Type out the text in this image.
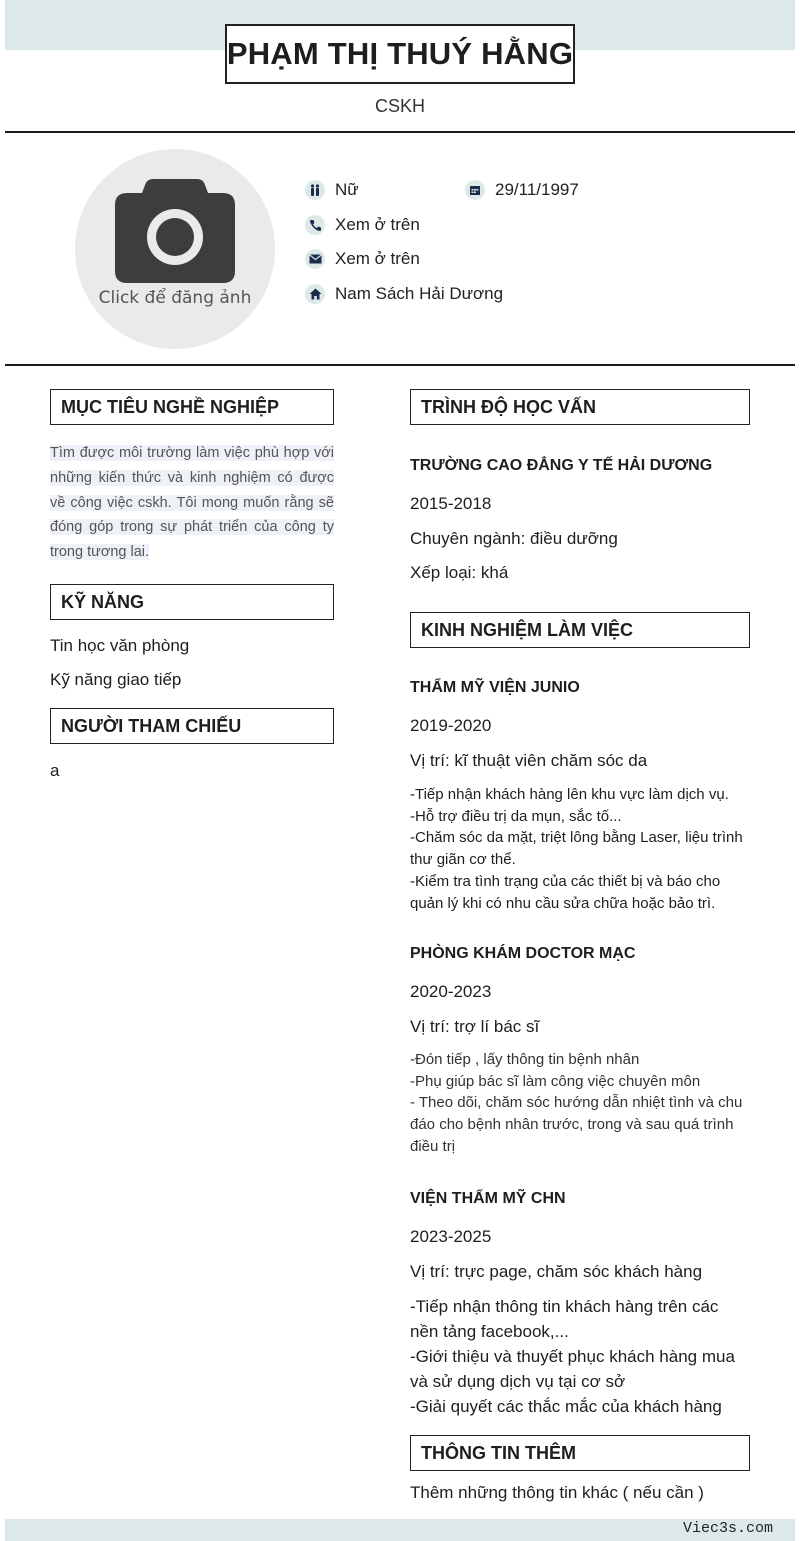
PHẠM THỊ THUÝ HẰNG
CSKH
Click để đăng ảnh
Nữ	29/11/1997
Xem ở trên
Xem ở trên
Nam Sách Hải Dương
MỤC TIÊU NGHỀ NGHIỆP
Tìm được môi trường làm việc phù hợp với những kiến thức và kinh nghiệm có được về công việc cskh. Tôi mong muốn rằng sẽ đóng góp trong sự phát triển của công ty trong tương lai.
KỸ NĂNG
Tin học văn phòng
Kỹ năng giao tiếp
NGƯỜI THAM CHIẾU
a
TRÌNH ĐỘ HỌC VẤN
TRƯỜNG CAO ĐẲNG Y TẾ HẢI DƯƠNG
2015-2018
Chuyên ngành: điều dưỡng
Xếp loại: khá
KINH NGHIỆM LÀM VIỆC
THẨM MỸ VIỆN JUNIO
2019-2020
Vị trí: kĩ thuật viên chăm sóc da
-Tiếp nhận khách hàng lên khu vực làm dịch vụ.
-Hỗ trợ điều trị da mụn, sắc tố...
-Chăm sóc da mặt, triệt lông bằng Laser, liệu trình thư giãn cơ thể.
-Kiểm tra tình trạng của các thiết bị và báo cho quản lý khi có nhu cầu sửa chữa hoặc bảo trì.
PHÒNG KHÁM DOCTOR MẠC
2020-2023
Vị trí: trợ lí bác sĩ
-Đón tiếp , lấy thông tin bệnh nhân
-Phụ giúp bác sĩ làm công việc chuyên môn
- Theo dõi, chăm sóc hướng dẫn nhiệt tình và chu đáo cho bệnh nhân trước, trong và sau quá trình điều trị
VIỆN THẨM MỸ CHN
2023-2025
Vị trí: trực page, chăm sóc khách hàng
-Tiếp nhận thông tin khách hàng trên các nền tảng facebook,...
-Giới thiệu và thuyết phục khách hàng mua và sử dụng dịch vụ tại cơ sở
-Giải quyết các thắc mắc của khách hàng
THÔNG TIN THÊM
Thêm những thông tin khác ( nếu cần )
Viec3s.com
